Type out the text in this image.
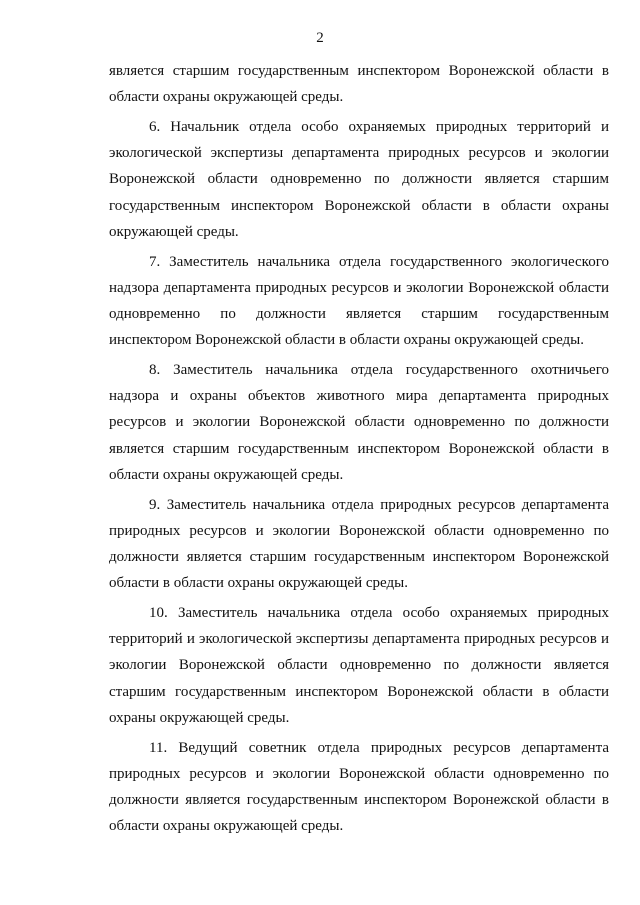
2

является старшим государственным инспектором Воронежской области в области охраны окружающей среды.

6. Начальник отдела особо охраняемых природных территорий и экологической экспертизы департамента природных ресурсов и экологии Воронежской области одновременно по должности является старшим государственным инспектором Воронежской области в области охраны окружающей среды.

7. Заместитель начальника отдела государственного экологического надзора департамента природных ресурсов и экологии Воронежской области одновременно по должности является старшим государственным инспектором Воронежской области в области охраны окружающей среды.

8. Заместитель начальника отдела государственного охотничьего надзора и охраны объектов животного мира департамента природных ресурсов и экологии Воронежской области одновременно по должности является старшим государственным инспектором Воронежской области в области охраны окружающей среды.

9. Заместитель начальника отдела природных ресурсов департамента природных ресурсов и экологии Воронежской области одновременно по должности является старшим государственным инспектором Воронежской области в области охраны окружающей среды.

10. Заместитель начальника отдела особо охраняемых природных территорий и экологической экспертизы департамента природных ресурсов и экологии Воронежской области одновременно по должности является старшим государственным инспектором Воронежской области в области охраны окружающей среды.

11. Ведущий советник отдела природных ресурсов департамента природных ресурсов и экологии Воронежской области одновременно по должности является государственным инспектором Воронежской области в области охраны окружающей среды.
